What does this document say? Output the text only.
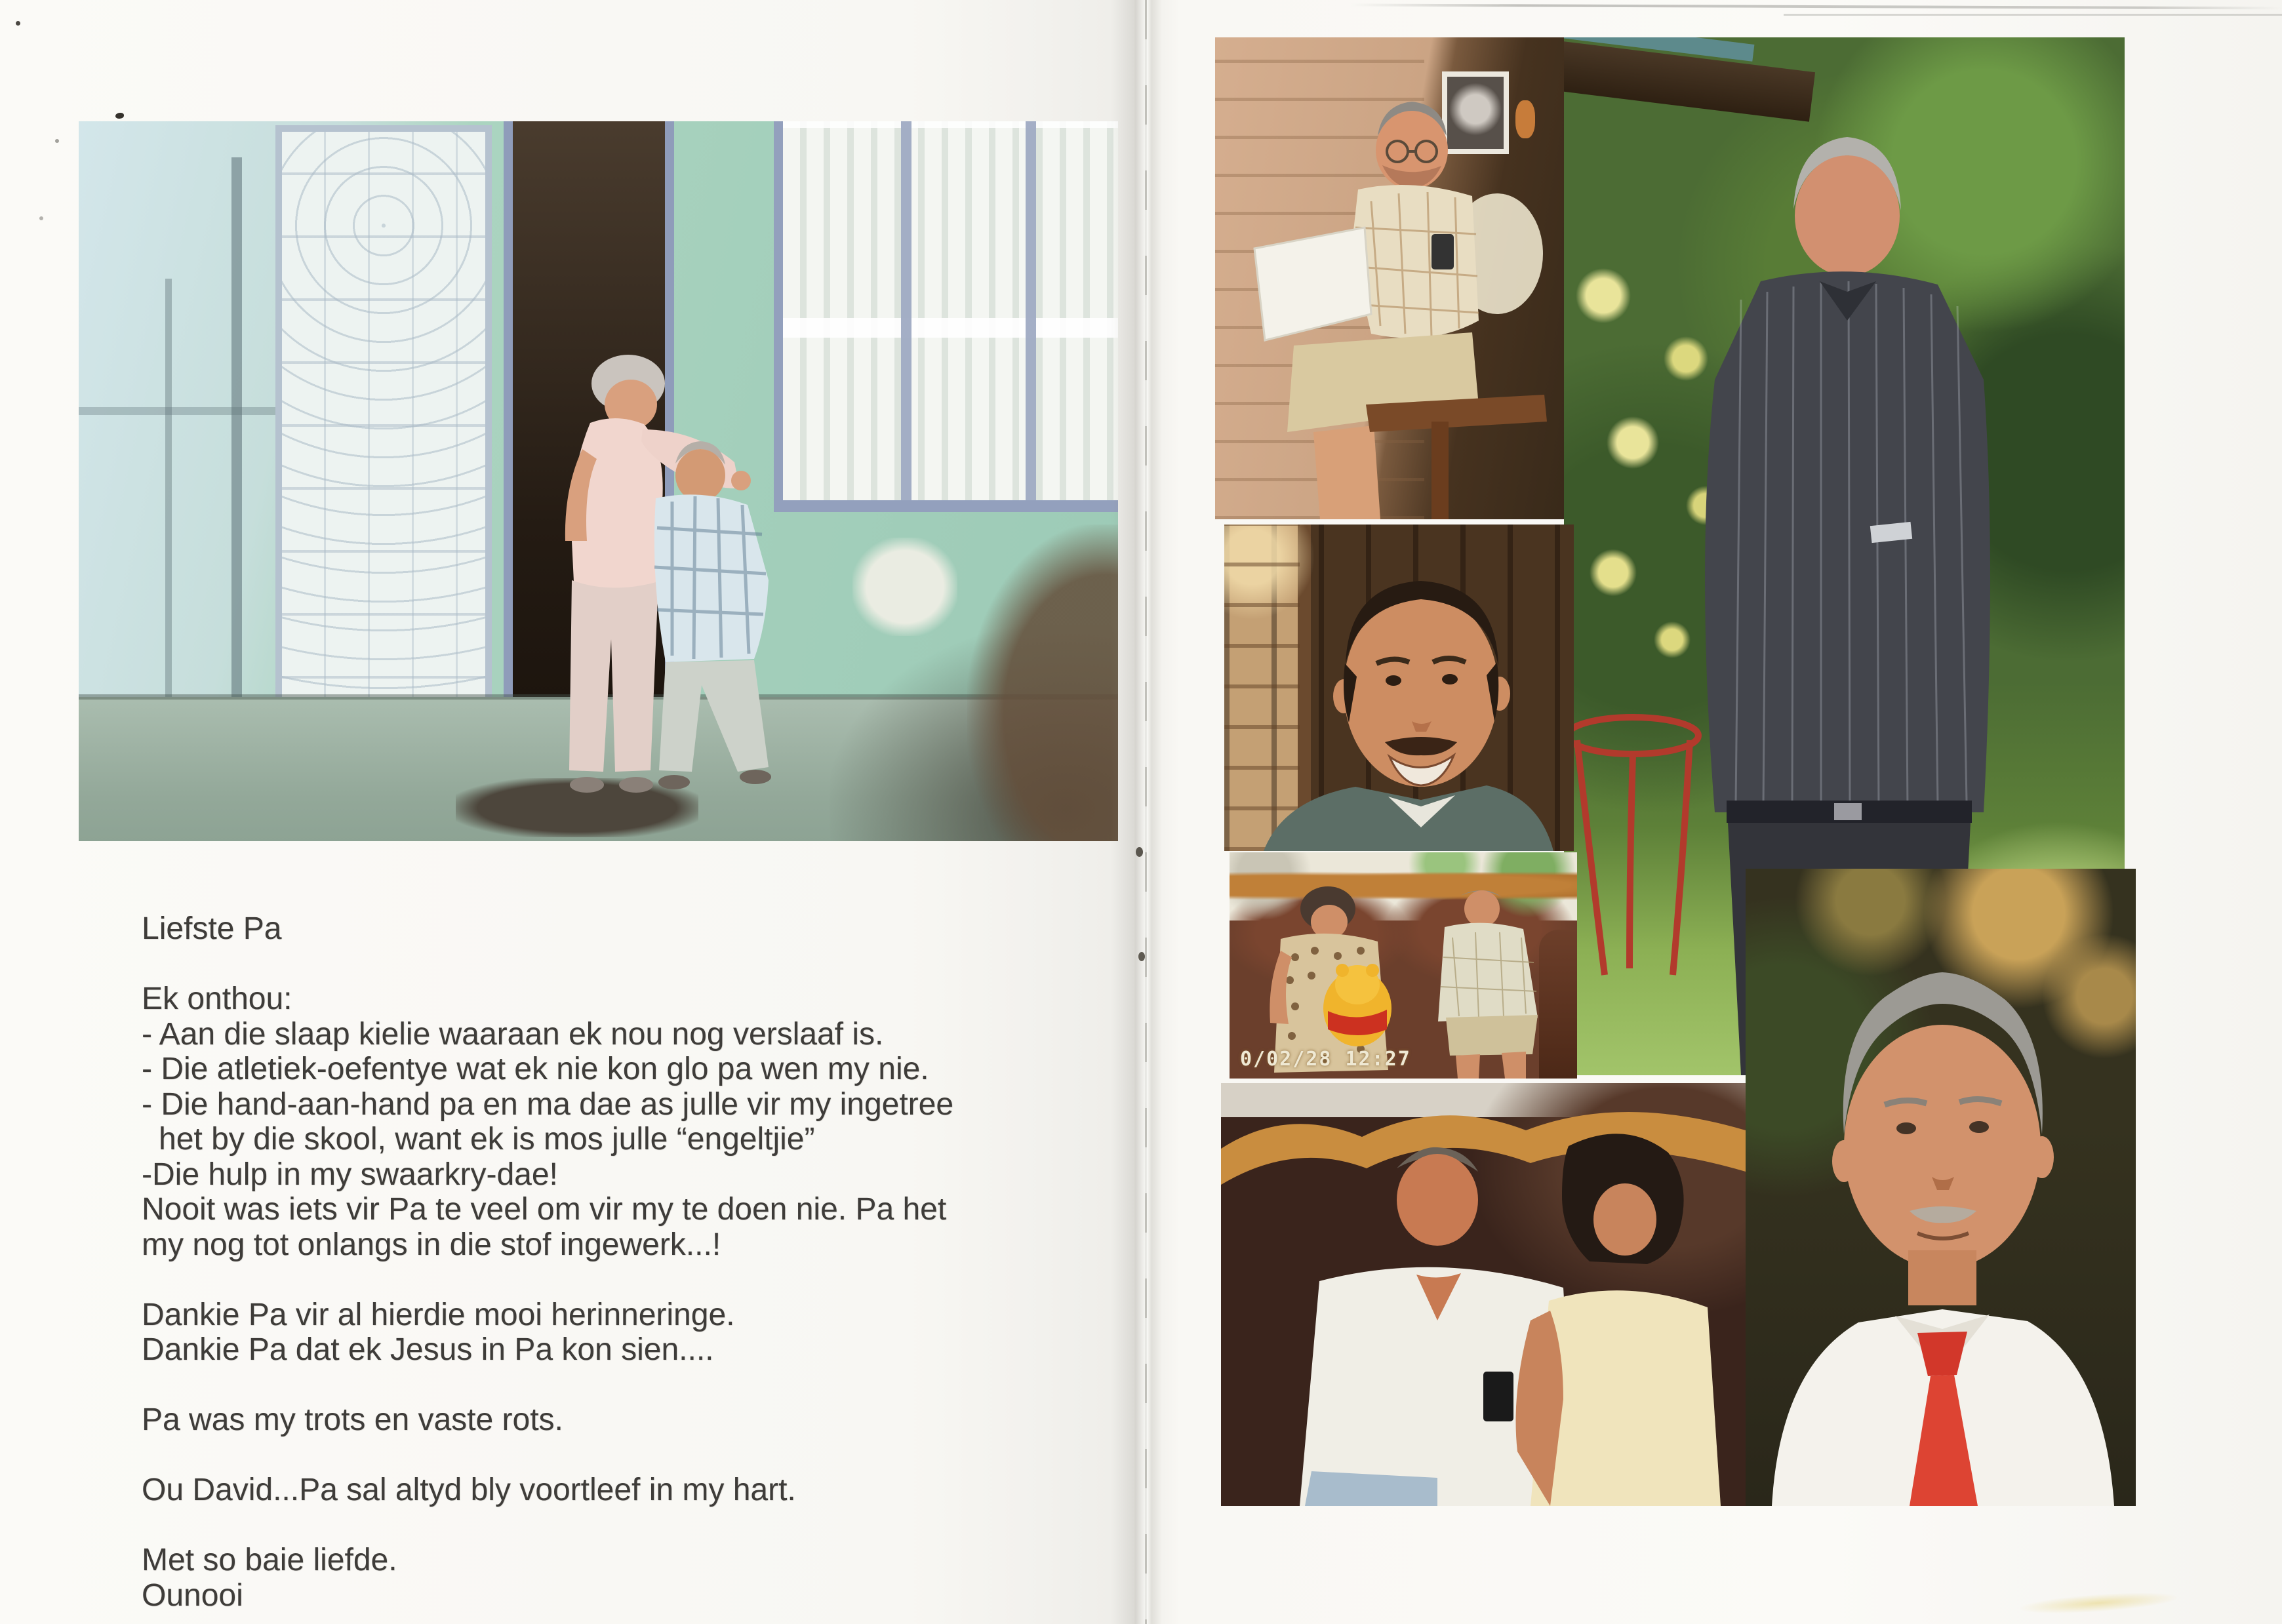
Liefste Pa
Ek onthou:
- Aan die slaap kielie waaraan ek nou nog verslaaf is.
- Die atletiek-oefentye wat ek nie kon glo pa wen my nie.
- Die hand-aan-hand pa en ma dae as julle vir my ingetree
het by die skool, want ek is mos julle “engeltjie”
-Die hulp in my swaarkry-dae!
Nooit was iets vir Pa te veel om vir my te doen nie. Pa het
my nog tot onlangs in die stof ingewerk...!
Dankie Pa vir al hierdie mooi herinneringe.
Dankie Pa dat ek Jesus in Pa kon sien....
Pa was my trots en vaste rots.
Ou David...Pa sal altyd bly voortleef in my hart.
Met so baie liefde.
Ounooi
0/02/28 12:27
